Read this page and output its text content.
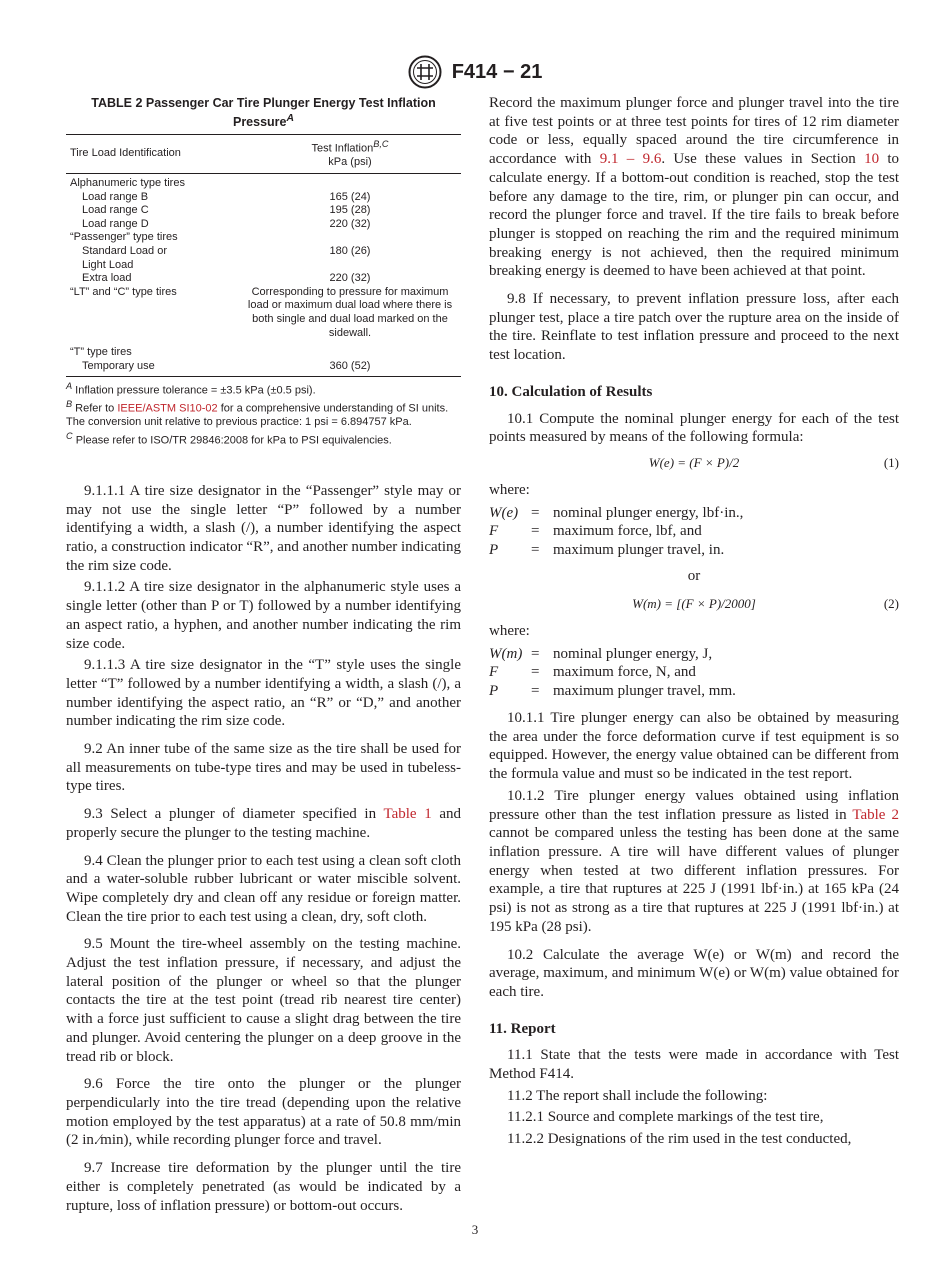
F414 − 21
TABLE 2 Passenger Car Tire Plunger Energy Test Inflation Pressure$^A$
Tire Load Identification	Test Inflation$^{B,C}$
kPa (psi)
Alphanumeric type tires	
Load range B	165 (24)
Load range C	195 (28)
Load range D	220 (32)
“Passenger” type tires	
Standard Load or	180 (26)
Light Load	
Extra load	220 (32)
“LT” and “C” type tires	Corresponding to pressure for maximum load or maximum dual load where there is both single and dual load marked on the sidewall.
“T” type tires	
Temporary use	360 (52)
$^A$ Inflation pressure tolerance = ±3.5 kPa (±0.5 psi).
$^B$ Refer to IEEE/ASTM SI10-02 for a comprehensive understanding of SI units. The conversion unit relative to previous practice: 1 psi = 6.894757 kPa.
$^C$ Please refer to ISO/TR 29846:2008 for kPa to PSI equivalencies.

9.1.1.1 A tire size designator in the “Passenger” style may or may not use the single letter “P” followed by a number identifying a width, a slash (/), a number identifying the aspect ratio, a construction indicator “R”, and another number indicating the rim size code.

9.1.1.2 A tire size designator in the alphanumeric style uses a single letter (other than P or T) followed by a number identifying an aspect ratio, a hyphen, and another number indicating the rim size code.

9.1.1.3 A tire size designator in the “T” style uses the single letter “T” followed by a number identifying a width, a slash (/), a number identifying the aspect ratio, an “R” or “D,” and another number indicating the rim size code.

9.2 An inner tube of the same size as the tire shall be used for all measurements on tube-type tires and may be used in tubeless-type tires.

9.3 Select a plunger of diameter specified in Table 1 and properly secure the plunger to the testing machine.

9.4 Clean the plunger prior to each test using a clean soft cloth and a water-soluble rubber lubricant or water miscible solvent. Wipe completely dry and clean off any residue or foreign matter. Clean the tire prior to each test using a clean, dry, soft cloth.

9.5 Mount the tire-wheel assembly on the testing machine. Adjust the test inflation pressure, if necessary, and adjust the lateral position of the plunger or wheel so that the plunger contacts the tire at the test point (tread rib nearest tire center) with a force just sufficient to cause a slight drag between the tire and plunger. Avoid centering the plunger on a deep groove in the tread rib or block.

9.6 Force the tire onto the plunger or the plunger perpendicularly into the tire tread (depending upon the relative motion employed by the test apparatus) at a rate of 50.8 mm/min (2 in.⁄min), while recording plunger force and travel.

9.7 Increase tire deformation by the plunger until the tire either is completely penetrated (as would be indicated by a rupture, loss of inflation pressure) or bottom-out occurs.

Record the maximum plunger force and plunger travel into the tire at five test points or at three test points for tires of 12 rim diameter code or less, equally spaced around the tire circumference in accordance with 9.1 – 9.6. Use these values in Section 10 to calculate energy. If a bottom-out condition is reached, stop the test before any damage to the tire, rim, or plunger pin can occur, and record the plunger force and travel. If the tire fails to break before plunger is stopped on reaching the rim and the required minimum breaking energy is not achieved, then the required minimum breaking energy is deemed to have been achieved at that point.

9.8 If necessary, to prevent inflation pressure loss, after each plunger test, place a tire patch over the rupture area on the inside of the tire. Reinflate to test inflation pressure and proceed to the next test location.

10. Calculation of Results

10.1 Compute the nominal plunger energy for each of the test points measured by means of the following formula:

W(e) = (F × P)/2	(1)
where:
W(e)	=	nominal plunger energy, lbf·in.,
F	=	maximum force, lbf, and
P	=	maximum plunger travel, in.
or
W(m) = [(F × P)/2000]	(2)
where:
W(m)	=	nominal plunger energy, J,
F	=	maximum force, N, and
P	=	maximum plunger travel, mm.

10.1.1 Tire plunger energy can also be obtained by measuring the area under the force deformation curve if test equipment is so equipped. However, the energy value obtained can be different from the formula value and must so be indicated in the test report.

10.1.2 Tire plunger energy values obtained using inflation pressure other than the test inflation pressure as listed in Table 2 cannot be compared unless the testing has been done at the same inflation pressure. A tire will have different values of plunger energy when tested at two different inflation pressures. For example, a tire that ruptures at 225 J (1991 lbf·in.) at 165 kPa (24 psi) is not as strong as a tire that ruptures at 225 J (1991 lbf·in.) at 195 kPa (28 psi).

10.2 Calculate the average W(e) or W(m) and record the average, maximum, and minimum W(e) or W(m) value obtained for each tire.

11. Report

11.1 State that the tests were made in accordance with Test Method F414.

11.2 The report shall include the following:

11.2.1 Source and complete markings of the test tire,

11.2.2 Designations of the rim used in the test conducted,

3
